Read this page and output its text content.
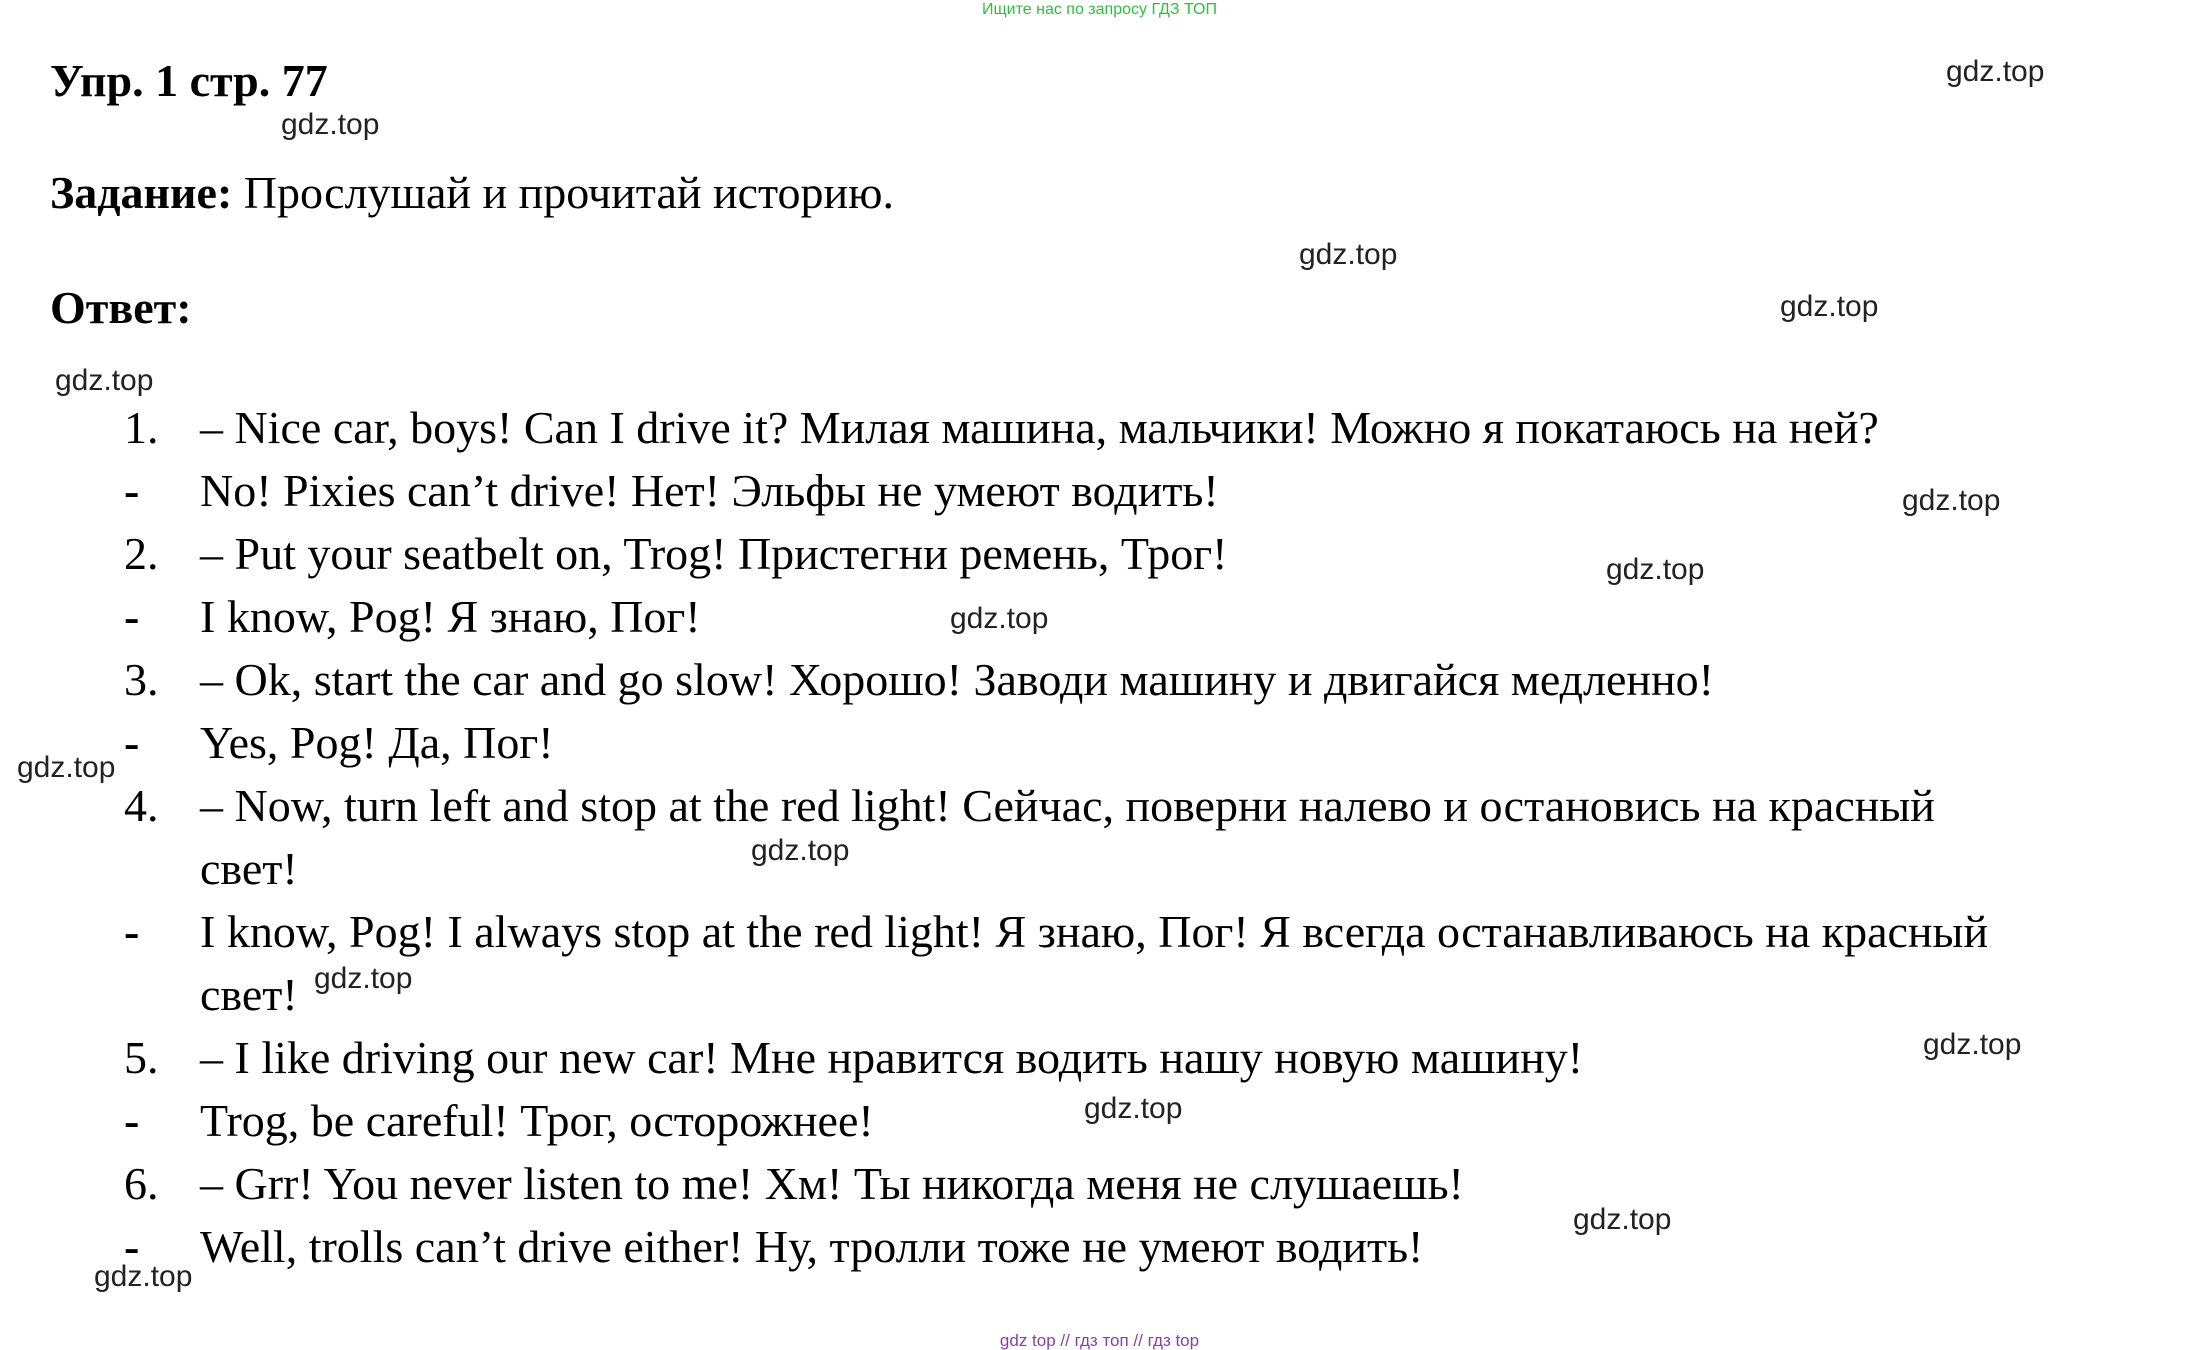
Ищите нас по запросу ГДЗ ТОП
Упр. 1 стр. 77
Задание: Прослушай и прочитай историю.
Ответ:
1. – Nice car, boys! Can I drive it? Милая машина, мальчики! Можно я покатаюсь на ней?
- No! Pixies can’t drive! Нет! Эльфы не умеют водить!
2. – Put your seatbelt on, Trog! Пристегни ремень, Трог!
- I know, Pog! Я знаю, Пог!
3. – Ok, start the car and go slow! Хорошо! Заводи машину и двигайся медленно!
- Yes, Pog! Да, Пог!
4. – Now, turn left and stop at the red light! Сейчас, поверни налево и остановись на красный
свет!
- I know, Pog! I always stop at the red light! Я знаю, Пог! Я всегда останавливаюсь на красный
свет!
5. – I like driving our new car! Мне нравится водить нашу новую машину!
- Trog, be careful! Трог, осторожнее!
6. – Grr! You never listen to me! Хм! Ты никогда меня не слушаешь!
- Well, trolls can’t drive either! Ну, тролли тоже не умеют водить!
gdz.top
gdz.top
gdz.top
gdz.top
gdz.top
gdz.top
gdz.top
gdz.top
gdz.top
gdz.top
gdz.top
gdz.top
gdz.top
gdz.top
gdz.top
gdz top // гдз топ // гдз top
